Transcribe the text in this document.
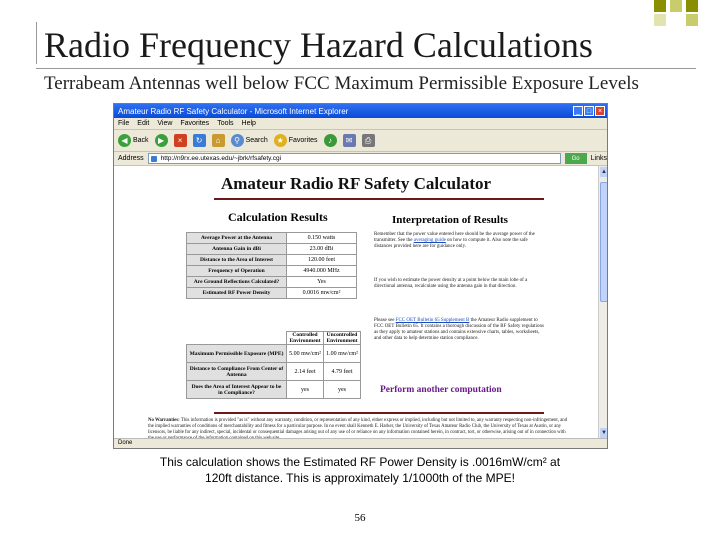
Radio Frequency Hazard Calculations
Terrabeam Antennas well below FCC Maximum Permissible Exposure Levels
Amateur Radio RF Safety Calculator - Microsoft Internet Explorer	_ □ ×
File Edit View Favorites Tools Help
◀ Back	▶	×	↻	⌂	⚲ Search	★ Favorites	♪	✉	⎙
Address	http://n9rx.ee.utexas.edu/~jbrk/rfsafety.cgi	Go	Links
Amateur Radio RF Safety Calculator
Calculation Results	Interpretation of Results
Average Power at the Antenna	0.150 watts
Antenna Gain in dBi	23.00 dBi
Distance to the Area of Interest	120.00 feet
Frequency of Operation	4940.000 MHz
Are Ground Reflections Calculated?	Yes
Estimated RF Power Density	0.0016 mw/cm²
	Controlled Environment	Uncontrolled Environment
Maximum Permissible Exposure (MPE)	5.00 mw/cm²	1.00 mw/cm²
Distance to Compliance From Center of Antenna	2.14 feet	4.79 feet
Does the Area of Interest Appear to be in Compliance?	yes	yes
Remember that the power value entered here should be the average power of the transmitter. See the averaging guide on how to compute it. Also note the safe distances provided here are for guidance only.
If you wish to estimate the power density at a point below the main lobe of a directional antenna, recalculate using the antenna gain in that direction.
Please see FCC OET Bulletin 65 Supplement B the Amateur Radio supplement to FCC OET Bulletin 65. It contains a thorough discussion of the RF Safety regulations as they apply to amateur stations and contains extensive charts, tables, worksheets, and other data to help determine station compliance.
Perform another computation
No Warranties: This information is provided "as is" without any warranty, condition, or representation of any kind, either express or implied, including but not limited to, any warranty respecting non-infringement, and the implied warranties of conditions of merchantability and fitness for a particular purpose. In no event shall Kenneth E. Harker, the University of Texas Amateur Radio Club, the University of Texas at Austin, or any licensors, be liable for any indirect, special, incidental or consequential damages arising out of any use of or reliance on any information contained herein, in contract, tort, or otherwise, arising out of in connection with
▲
▼
Done
This calculation shows the Estimated RF Power Density is .0016mW/cm² at
120ft distance. This is approximately 1/1000th of the MPE!
56
